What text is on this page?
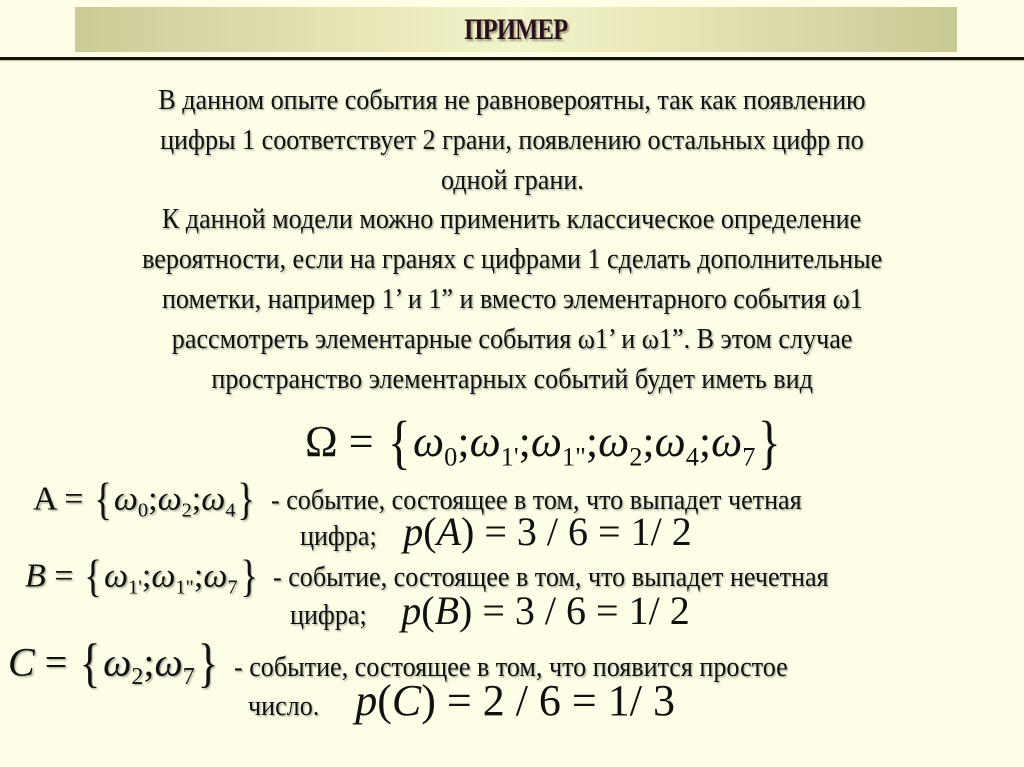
ПРИМЕР
В данном опыте события не равновероятны, так как появлению
цифры 1 соответствует 2 грани, появлению остальных цифр по
одной грани.
К данной модели можно применить классическое определение
вероятности, если на гранях с цифрами 1 сделать дополнительные
пометки, например 1’ и 1” и вместо элементарного события ω1
рассмотреть элементарные события ω1’ и ω1”. В этом случае
пространство элементарных событий будет иметь вид
$\Omega = \{\omega_0;\omega_{1'};\omega_{1"};\omega_2;\omega_4;\omega_7\}$
$A = \{\omega_0;\omega_2;\omega_4\}$ - событие, состоящее в том, что выпадет четная
цифра; p(A) = 3 / 6 = 1/ 2
$B = \{\omega_{1'};\omega_{1"};\omega_7\}$ - событие, состоящее в том, что выпадет нечетная
цифра; p(B) = 3 / 6 = 1/ 2
$C = \{\omega_2;\omega_7\}$ - событие, состоящее в том, что появится простое
число. p(C) = 2 / 6 = 1/ 3
